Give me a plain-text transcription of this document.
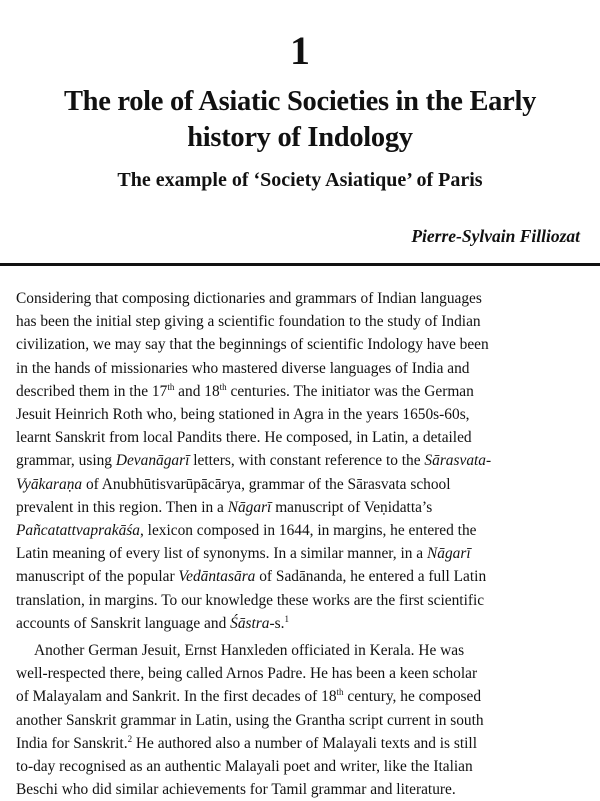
1
The role of Asiatic Societies in the Early
history of Indology
The example of ‘Society Asiatique’ of Paris
Pierre-Sylvain Filliozat

Considering that composing dictionaries and grammars of Indian languages
has been the initial step giving a scientific foundation to the study of Indian
civilization, we may say that the beginnings of scientific Indology have been
in the hands of missionaries who mastered diverse languages of India and
described them in the 17th and 18th centuries. The initiator was the German
Jesuit Heinrich Roth who, being stationed in Agra in the years 1650s-60s,
learnt Sanskrit from local Pandits there. He composed, in Latin, a detailed
grammar, using Devanāgarī letters, with constant reference to the Sārasvata-
Vyākaraṇa of Anubhūtisvarūpācārya, grammar of the Sārasvata school
prevalent in this region. Then in a Nāgarī manuscript of Veṇidatta’s
Pañcatattvaprakāśa, lexicon composed in 1644, in margins, he entered the
Latin meaning of every list of synonyms. In a similar manner, in a Nāgarī
manuscript of the popular Vedāntasāra of Sadānanda, he entered a full Latin
translation, in margins. To our knowledge these works are the first scientific
accounts of Sanskrit language and Śāstra-s.$^1$

Another German Jesuit, Ernst Hanxleden officiated in Kerala. He was
well-respected there, being called Arnos Padre. He has been a keen scholar
of Malayalam and Sankrit. In the first decades of 18th century, he composed
another Sanskrit grammar in Latin, using the Grantha script current in south
India for Sanskrit.$^2$ He authored also a number of Malayali texts and is still
to-day recognised as an authentic Malayali poet and writer, like the Italian
Beschi who did similar achievements for Tamil grammar and literature.
